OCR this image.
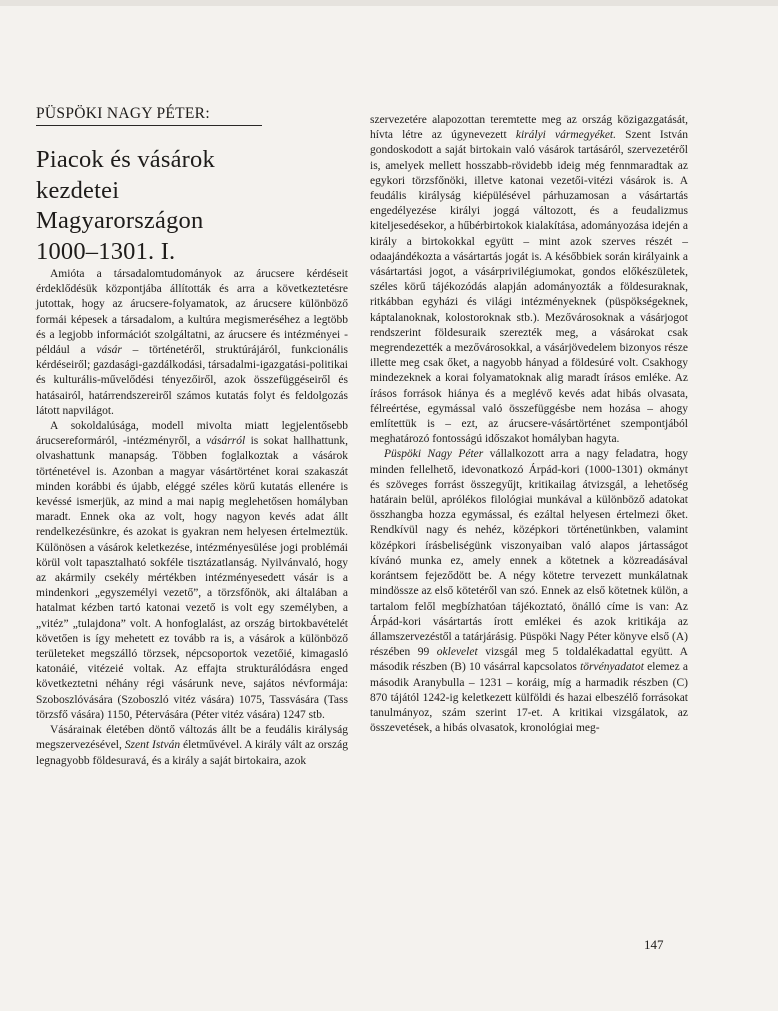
PÜSPÖKI NAGY PÉTER:
Piacok és vásárok
kezdetei
Magyarországon
1000–1301. I.

Amióta a társadalomtudományok az árucsere kérdéseit érdeklődésük központjába állították és arra a következtetésre jutottak, hogy az árucsere-folyamatok, az árucsere különböző formái képesek a társadalom, a kultúra megismeréséhez a legtöbb és a legjobb információt szolgáltatni, az árucsere és intézményei - például a vásár – történetéről, struktúrájáról, funkcionális kérdéseiről; gazdasági-gazdálkodási, társadalmi-igazgatási-politikai és kulturális-művelődési tényezőiről, azok összefüggéseiről és hatásairól, határrendszereiről számos kutatás folyt és feldolgozás látott napvilágot.

A sokoldalúsága, modell mivolta miatt legjelentősebb árucsereformáról, -intézményről, a vásárról is sokat hallhattunk, olvashattunk manapság. Többen foglalkoztak a vásárok történetével is. Azonban a magyar vásártörténet korai szakaszát minden korábbi és újabb, eléggé széles körű kutatás ellenére is kevéssé ismerjük, az mind a mai napig meglehetősen homályban maradt. Ennek oka az volt, hogy nagyon kevés adat állt rendelkezésünkre, és azokat is gyakran nem helyesen értelmeztük. Különösen a vásárok keletkezése, intézményesülése jogi problémái körül volt tapasztalható sokféle tisztázatlanság. Nyilvánvaló, hogy az akármily csekély mértékben intézményesedett vásár is a mindenkori „egyszemélyi vezető”, a törzsfőnök, aki általában a hatalmat kézben tartó katonai vezető is volt egy személyben, a „vitéz” „tulajdona” volt. A honfoglalást, az ország birtokbavételét követően is így mehetett ez tovább ra is, a vásárok a különböző területeket megszálló törzsek, népcsoportok vezetőié, kimagasló katonáié, vitézeié voltak. Az effajta strukturálódásra enged következtetni néhány régi vásárunk neve, sajátos névformája: Szoboszlóvására (Szoboszló vitéz vására) 1075, Tassvására (Tass törzsfő vására) 1150, Pétervására (Péter vitéz vására) 1247 stb.

Vásárainak életében döntő változás állt be a feudális királyság megszervezésével, Szent István életművével. A király vált az ország legnagyobb földesuravá, és a király a saját birtokaira, azok

szervezetére alapozottan teremtette meg az ország közigazgatását, hívta létre az úgynevezett királyi vármegyéket. Szent István gondoskodott a saját birtokain való vásárok tartásáról, szervezetéről is, amelyek mellett hosszabb-rövidebb ideig még fennmaradtak az egykori törzsfőnöki, illetve katonai vezetői-vitézi vásárok is. A feudális királyság kiépülésével párhuzamosan a vásártartás engedélyezése királyi joggá változott, és a feudalizmus kiteljesedésekor, a hűbérbirtokok kialakítása, adományozása idején a király a birtokokkal együtt – mint azok szerves részét – odaajándékozta a vásártartás jogát is. A későbbiek során királyaink a vásártartási jogot, a vásárprivilégiumokat, gondos előkészületek, széles körű tájékozódás alapján adományozták a földesuraknak, ritkábban egyházi és világi intézményeknek (püspökségeknek, káptalanoknak, kolostoroknak stb.). Mezővárosoknak a vásárjogot rendszerint földesuraik szerezték meg, a vásárokat csak megrendezették a mezővárosokkal, a vásárjövedelem bizonyos része illette meg csak őket, a nagyobb hányad a földesúré volt. Csakhogy mindezeknek a korai folyamatoknak alig maradt írásos emléke. Az írásos források hiánya és a meglévő kevés adat hibás olvasata, félreértése, egymással való összefüggésbe nem hozása – ahogy említettük is – ezt, az árucsere-vásártörténet szempontjából meghatározó fontosságú időszakot homályban hagyta.

Püspöki Nagy Péter vállalkozott arra a nagy feladatra, hogy minden fellelhető, idevonatkozó Árpád-kori (1000-1301) okmányt és szöveges forrást összegyűjt, kritikailag átvizsgál, a lehetőség határain belül, aprólékos filológiai munkával a különböző adatokat összhangba hozza egymással, és ezáltal helyesen értelmezi őket. Rendkívül nagy és nehéz, középkori történetünkben, valamint középkori írásbeliségünk viszonyaiban való alapos jártasságot kívánó munka ez, amely ennek a kötetnek a közreadásával korántsem fejeződött be. A négy kötetre tervezett munkálatnak mindössze az első kötetéről van szó. Ennek az első kötetnek külön, a tartalom felől megbízhatóan tájékoztató, önálló címe is van: Az Árpád-kori vásártartás írott emlékei és azok kritikája az államszervezéstől a tatárjárásig. Püspöki Nagy Péter könyve első (A) részében 99 oklevelet vizsgál meg 5 toldalékadattal együtt. A második részben (B) 10 vásárral kapcsolatos törvényadatot elemez a második Aranybulla – 1231 – koráig, míg a harmadik részben (C) 870 tájától 1242-ig keletkezett külföldi és hazai elbeszélő forrásokat tanulmányoz, szám szerint 17-et. A kritikai vizsgálatok, az összevetések, a hibás olvasatok, kronológiai meg-

147
